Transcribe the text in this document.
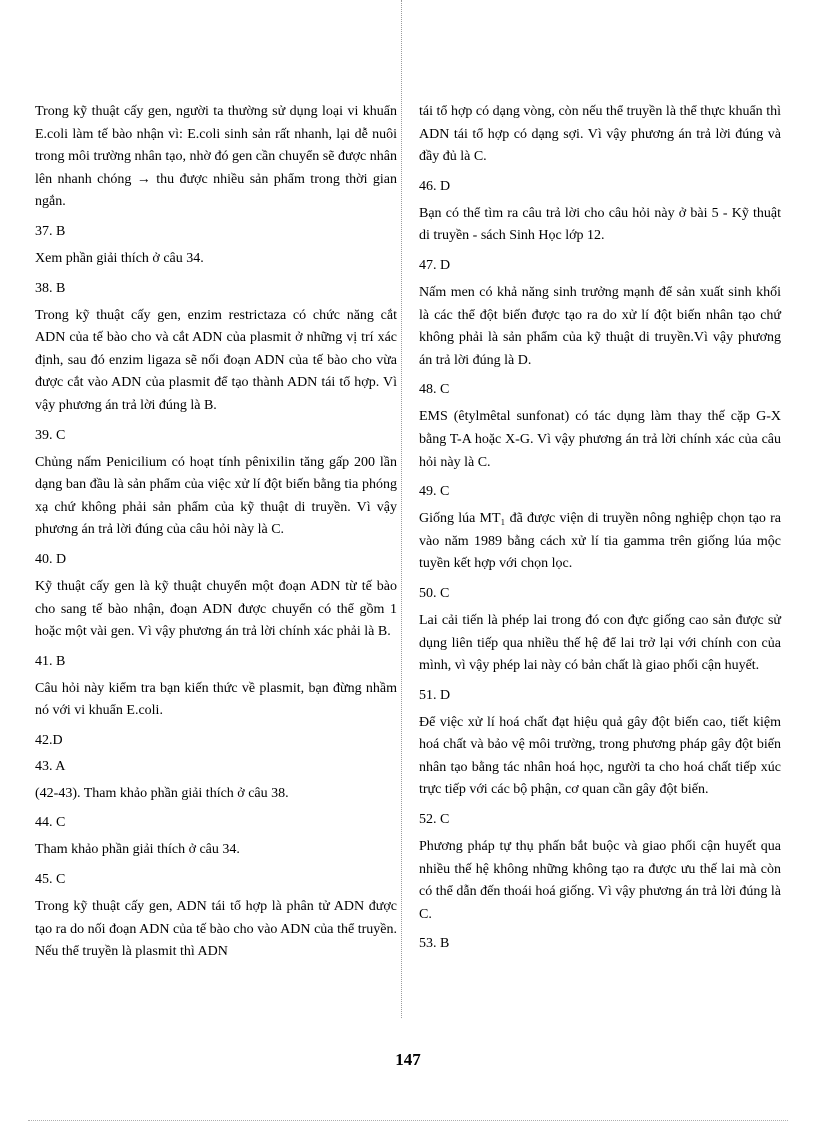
Trong kỹ thuật cấy gen, người ta thường sử dụng loại vi khuẩn E.coli làm tế bào nhận vì: E.coli sinh sản rất nhanh, lại dễ nuôi trong môi trường nhân tạo, nhờ đó gen cần chuyển sẽ được nhân lên nhanh chóng → thu được nhiều sản phẩm trong thời gian ngắn.

37. B

Xem phần giải thích ở câu 34.

38. B

Trong kỹ thuật cấy gen, enzim restrictaza có chức năng cắt ADN của tế bào cho và cắt ADN của plasmit ở những vị trí xác định, sau đó enzim ligaza sẽ nối đoạn ADN của tế bào cho vừa được cắt vào ADN của plasmit để tạo thành ADN tái tổ hợp. Vì vậy phương án trả lời đúng là B.

39. C

Chủng nấm Penicilium có hoạt tính pênixilin tăng gấp 200 lần dạng ban đầu là sản phẩm của việc xử lí đột biến bằng tia phóng xạ chứ không phải sản phẩm của kỹ thuật di truyền. Vì vậy phương án trả lời đúng của câu hỏi này là C.

40. D

Kỹ thuật cấy gen là kỹ thuật chuyển một đoạn ADN từ tế bào cho sang tế bào nhận, đoạn ADN được chuyển có thể gồm 1 hoặc một vài gen. Vì vậy phương án trả lời chính xác phải là B.

41. B

Câu hỏi này kiểm tra bạn kiến thức về plasmit, bạn đừng nhầm nó với vi khuẩn E.coli.

42.D

43. A

(42-43). Tham khảo phần giải thích ở câu 38.

44. C

Tham khảo phần giải thích ở câu 34.

45. C

Trong kỹ thuật cấy gen, ADN tái tổ hợp là phân tử ADN được tạo ra do nối đoạn ADN của tế bào cho vào ADN của thể truyền. Nếu thể truyền là plasmit thì ADN

tái tổ hợp có dạng vòng, còn nếu thể truyền là thể thực khuẩn thì ADN tái tổ hợp có dạng sợi. Vì vậy phương án trả lời đúng và đầy đủ là C.

46. D

Bạn có thể tìm ra câu trả lời cho câu hỏi này ở bài 5 - Kỹ thuật di truyền - sách Sinh Học lớp 12.

47. D

Nấm men có khả năng sinh trưởng mạnh để sản xuất sinh khối là các thể đột biến được tạo ra do xử lí đột biến nhân tạo chứ không phải là sản phẩm của kỹ thuật di truyền.Vì vậy phương án trả lời đúng là D.

48. C

EMS (êtylmêtal sunfonat) có tác dụng làm thay thế cặp G-X bằng T-A hoặc X-G. Vì vậy phương án trả lời chính xác của câu hỏi này là C.

49. C

Giống lúa MT₁ đã được viện di truyền nông nghiệp chọn tạo ra vào năm 1989 bằng cách xử lí tia gamma trên giống lúa mộc tuyền kết hợp với chọn lọc.

50. C

Lai cải tiến là phép lai trong đó con đực giống cao sản được sử dụng liên tiếp qua nhiều thế hệ để lai trở lại với chính con của mình, vì vậy phép lai này có bản chất là giao phối cận huyết.

51. D

Để việc xử lí hoá chất đạt hiệu quả gây đột biến cao, tiết kiệm hoá chất và bảo vệ môi trường, trong phương pháp gây đột biến nhân tạo bằng tác nhân hoá học, người ta cho hoá chất tiếp xúc trực tiếp với các bộ phận, cơ quan cần gây đột biến.

52. C

Phương pháp tự thụ phấn bắt buộc và giao phối cận huyết qua nhiều thế hệ không những không tạo ra được ưu thế lai mà còn có thể dẫn đến thoái hoá giống. Vì vậy phương án trả lời đúng là C.

53. B

147
